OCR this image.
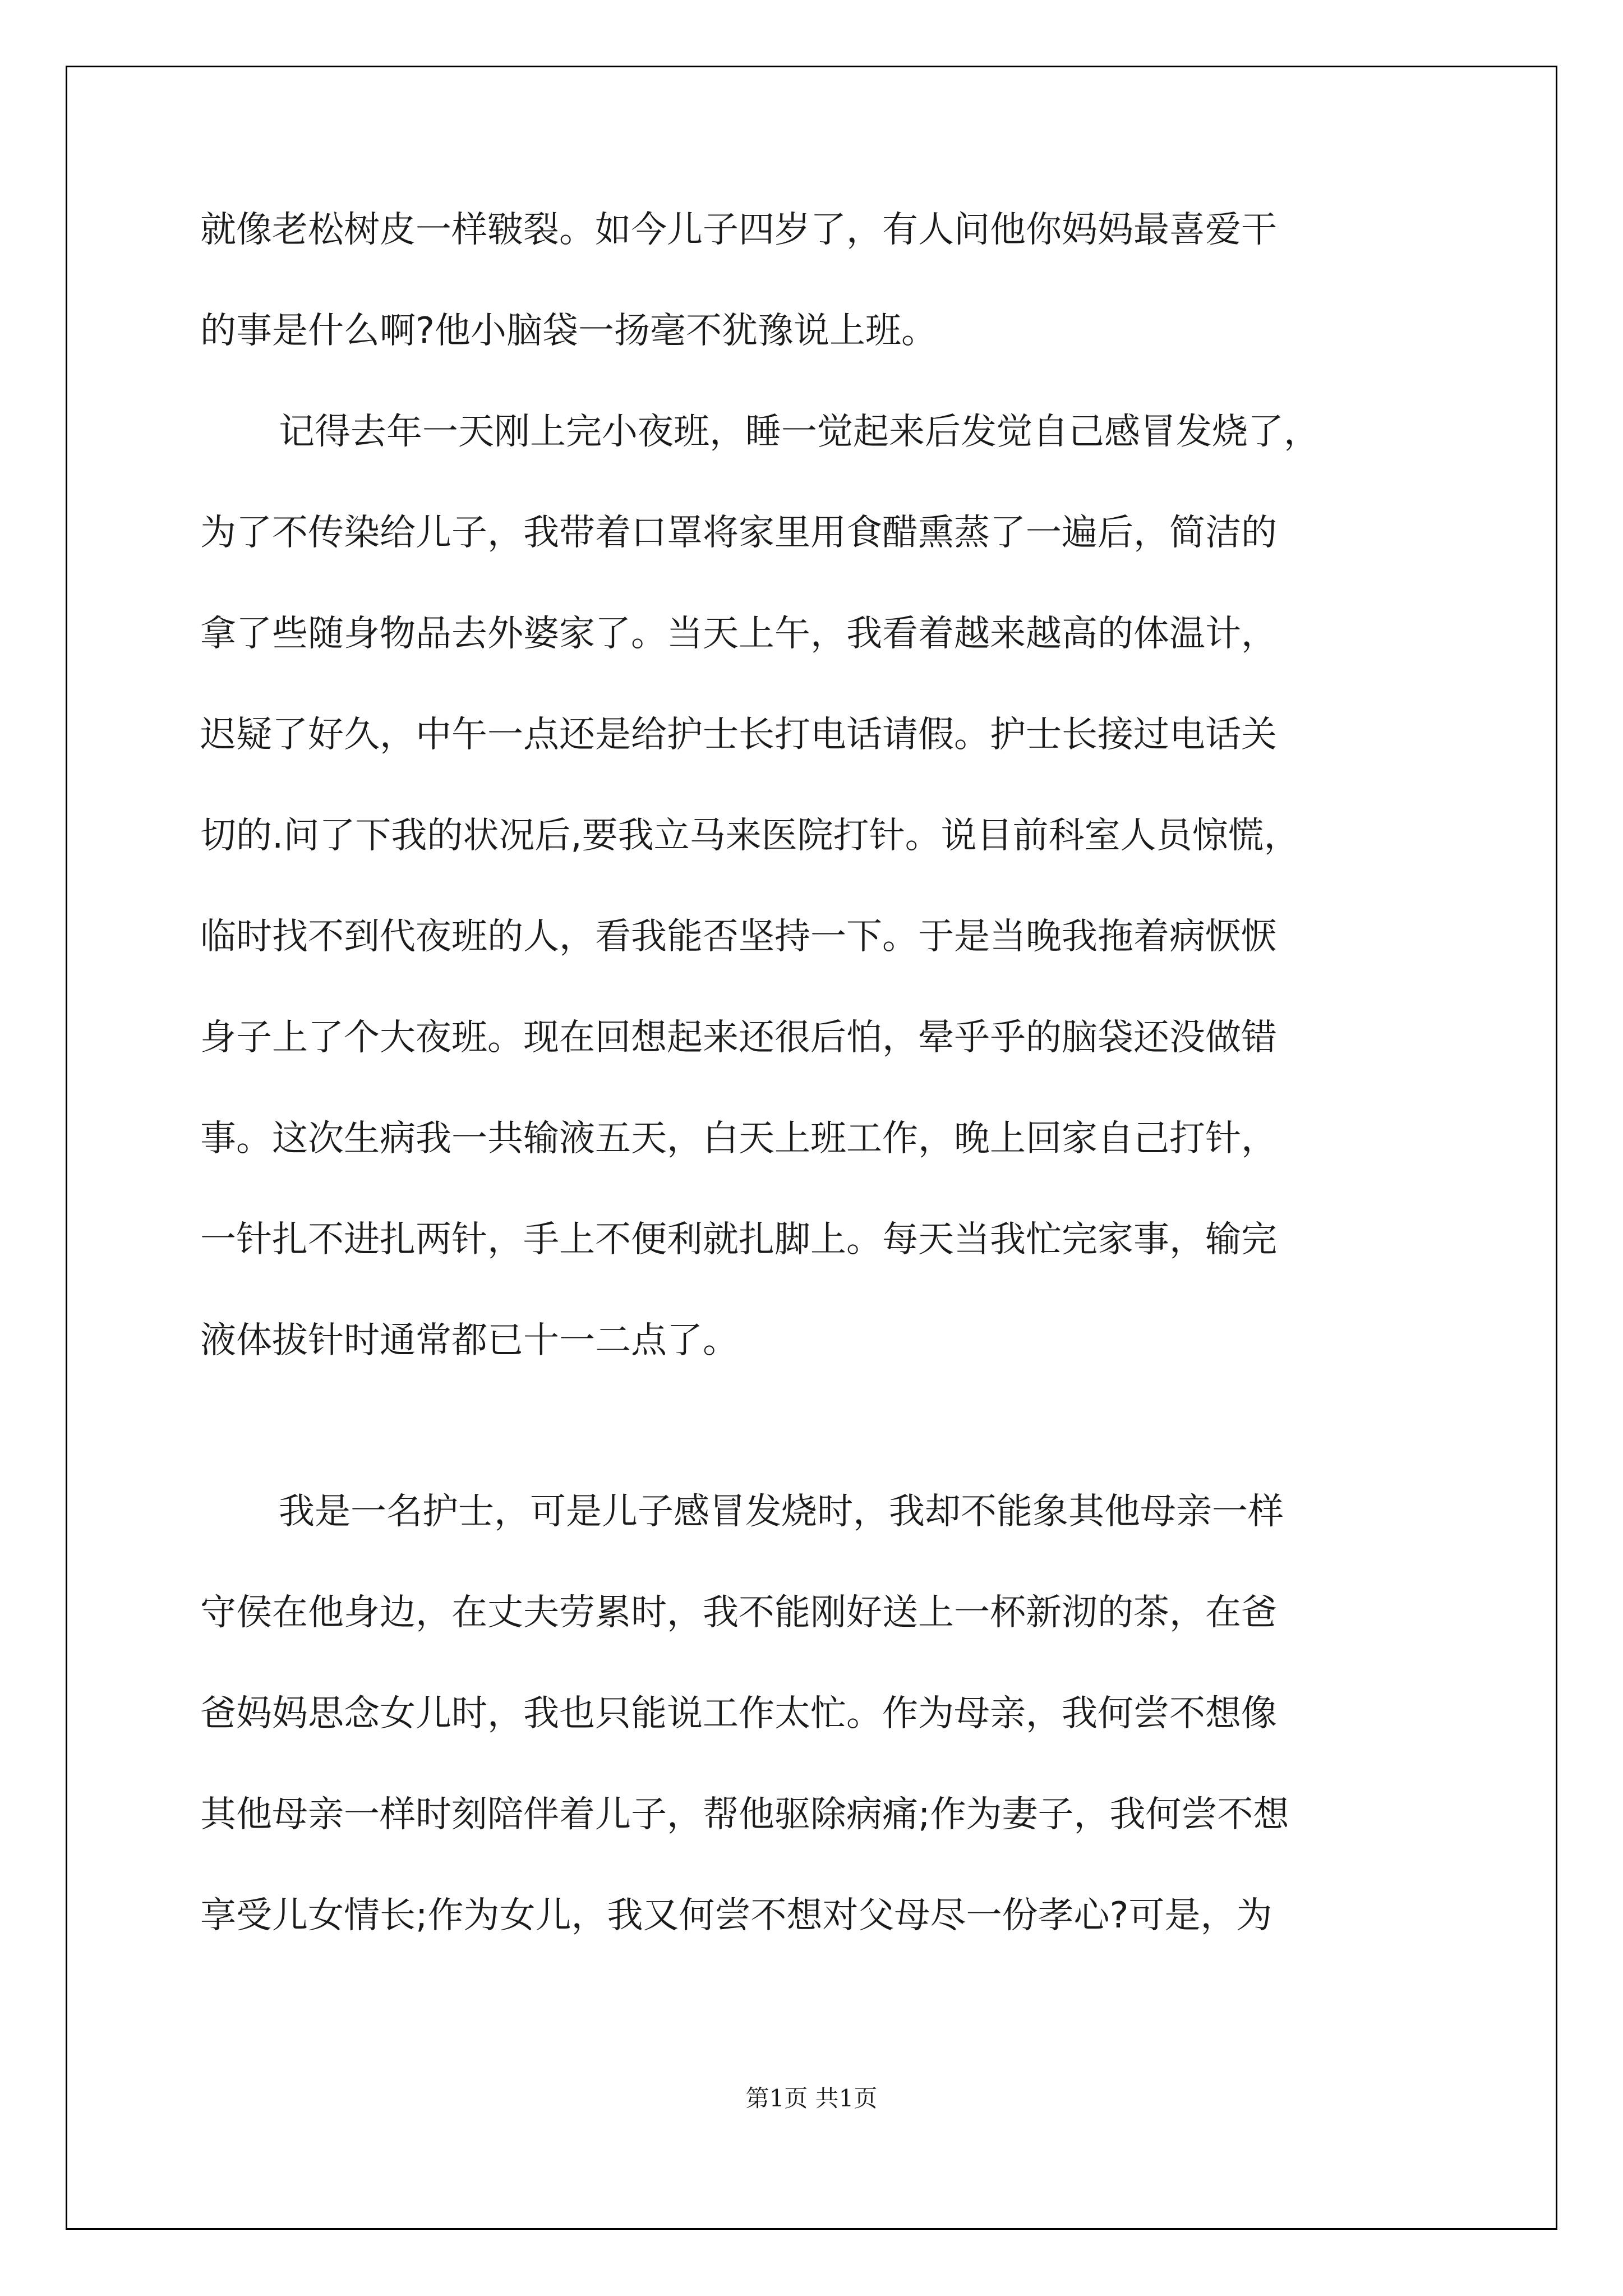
就像老松树皮一样皲裂。如今儿子四岁了，有人问他你妈妈最喜爱干
的事是什么啊?他小脑袋一扬毫不犹豫说上班。
记得去年一天刚上完小夜班，睡一觉起来后发觉自己感冒发烧了，
为了不传染给儿子，我带着口罩将家里用食醋熏蒸了一遍后，简洁的
拿了些随身物品去外婆家了。当天上午，我看着越来越高的体温计，
迟疑了好久，中午一点还是给护士长打电话请假。护士长接过电话关
切的.问了下我的状况后,要我立马来医院打针。说目前科室人员惊慌，
临时找不到代夜班的人，看我能否坚持一下。于是当晚我拖着病恹恹
身子上了个大夜班。现在回想起来还很后怕，晕乎乎的脑袋还没做错
事。这次生病我一共输液五天，白天上班工作，晚上回家自己打针，
一针扎不进扎两针，手上不便利就扎脚上。每天当我忙完家事，输完
液体拔针时通常都已十一二点了。
我是一名护士，可是儿子感冒发烧时，我却不能象其他母亲一样
守侯在他身边，在丈夫劳累时，我不能刚好送上一杯新沏的茶，在爸
爸妈妈思念女儿时，我也只能说工作太忙。作为母亲，我何尝不想像
其他母亲一样时刻陪伴着儿子，帮他驱除病痛;作为妻子，我何尝不想
享受儿女情长;作为女儿，我又何尝不想对父母尽一份孝心?可是，为
第1页 共1页
